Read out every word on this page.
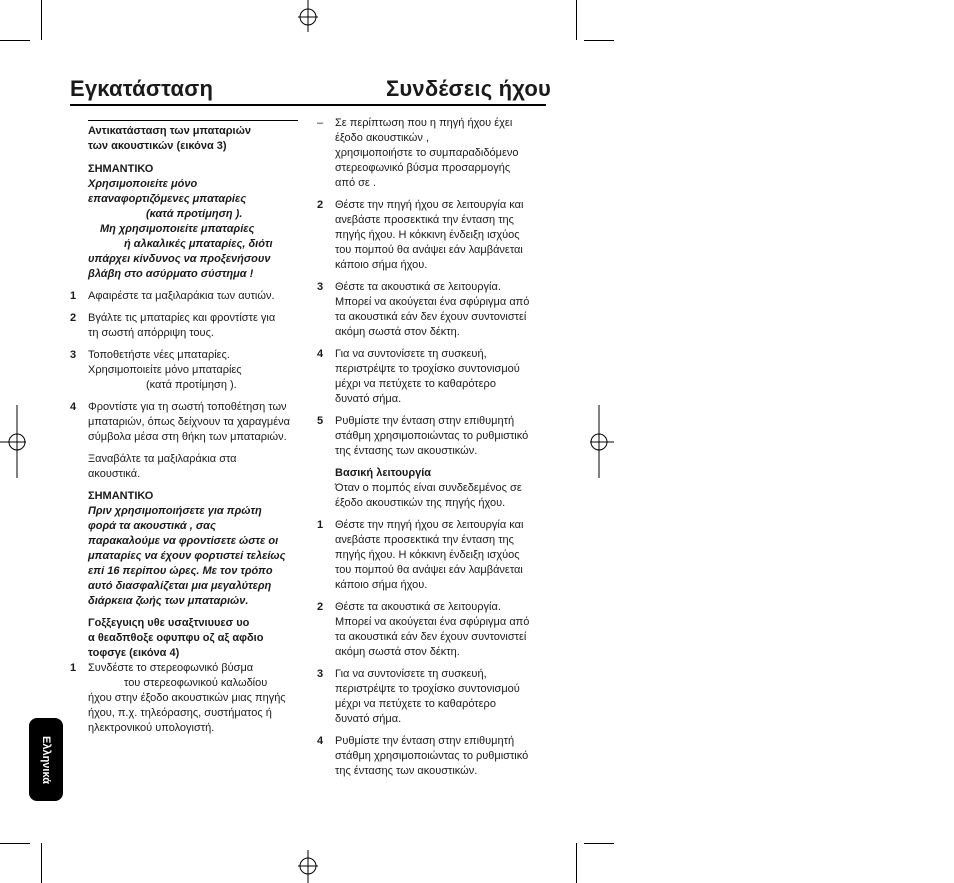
Εγκατάσταση	Συνδέσεις ήχου

Αντικατάσταση των μπαταριών

των ακουστικών (εικόνα 3)

ΣΗΜΑΝΤΙΚΟ

Χρησιμοποιείτε μόνο

επαναφορτιζόμενες μπαταρίες

(κατά προτίμηση ).

Μη χρησιμοποιείτε μπαταρίες

ή αλκαλικές μπαταρίες, διότι

υπάρχει κίνδυνος να προξενήσουν

βλάβη στο ασύρματο σύστημα !

1 Αφαιρέστε τα μαξιλαράκια των αυτιών.

2 Βγάλτε τις μπαταρίες και φροντίστε για

τη σωστή απόρριψη τους.

3 Τοποθετήστε νέες μπαταρίες.

Χρησιμοποιείτε μόνο μπαταρίες

(κατά προτίμηση ).

4 Φροντίστε για τη σωστή τοποθέτηση των

μπαταριών, όπως δείχνουν τα χαραγμένα

σύμβολα μέσα στη θήκη των μπαταριών.

Ξαναβάλτε τα μαξιλαράκια στα

ακουστικά.

ΣΗΜΑΝΤΙΚΟ

Πριν χρησιμοποιήσετε για πρώτη

φορά τα ακουστικά , σας

παρακαλούμε να φροντίσετε ώστε οι

μπαταρίες να έχουν φορτιστεί τελείως

επί 16 περίπου ώρες. Με τον τρόπο

αυτό διασφαλίζεται μια μεγαλύτερη

διάρκεια ζωής των μπαταριών.

Γοξξεγυιςη υθε υσαξτνιυυεσ υο

α θεαδπθοξε οφυπφυ οζ αξ αφδιο

τοφσγε (εικόνα 4)

1 Συνδέστε το στερεοφωνικό βύσμα

του στερεοφωνικού καλωδίου

ήχου στην έξοδο ακουστικών μιας πηγής

ήχου, π.χ. τηλεόρασης, συστήματος ή

ηλεκτρονικού υπολογιστή.

– Σε περίπτωση που η πηγή ήχου έχει

έξοδο ακουστικών ,

χρησιμοποιήστε το συμπαραδιδόμενο

στερεοφωνικό βύσμα προσαρμογής

από σε .

2 Θέστε την πηγή ήχου σε λειτουργία και

ανεβάστε προσεκτικά την ένταση της

πηγής ήχου. Η κόκκινη ένδειξη ισχύος

του πομπού θα ανάψει εάν λαμβάνεται

κάποιο σήμα ήχου.

3 Θέστε τα ακουστικά σε λειτουργία.

Μπορεί να ακούγεται ένα σφύριγμα από

τα ακουστικά εάν δεν έχουν συντονιστεί

ακόμη σωστά στον δέκτη.

4 Για να συντονίσετε τη συσκευή,

περιστρέψτε το τροχίσκο συντονισμού

μέχρι να πετύχετε το καθαρότερο

δυνατό σήμα.

5 Ρυθμίστε την ένταση στην επιθυμητή

στάθμη χρησιμοποιώντας το ρυθμιστικό

της έντασης των ακουστικών.

Βασική λειτουργία

Όταν ο πομπός είναι συνδεδεμένος σε

έξοδο ακουστικών της πηγής ήχου.

1 Θέστε την πηγή ήχου σε λειτουργία και

ανεβάστε προσεκτικά την ένταση της

πηγής ήχου. Η κόκκινη ένδειξη ισχύος

του πομπού θα ανάψει εάν λαμβάνεται

κάποιο σήμα ήχου.

2 Θέστε τα ακουστικά σε λειτουργία.

Μπορεί να ακούγεται ένα σφύριγμα από

τα ακουστικά εάν δεν έχουν συντονιστεί

ακόμη σωστά στον δέκτη.

3 Για να συντονίσετε τη συσκευή,

περιστρέψτε το τροχίσκο συντονισμού

μέχρι να πετύχετε το καθαρότερο

δυνατό σήμα.

4 Ρυθμίστε την ένταση στην επιθυμητή

στάθμη χρησιμοποιώντας το ρυθμιστικό

της έντασης των ακουστικών.

Ελληνικά
